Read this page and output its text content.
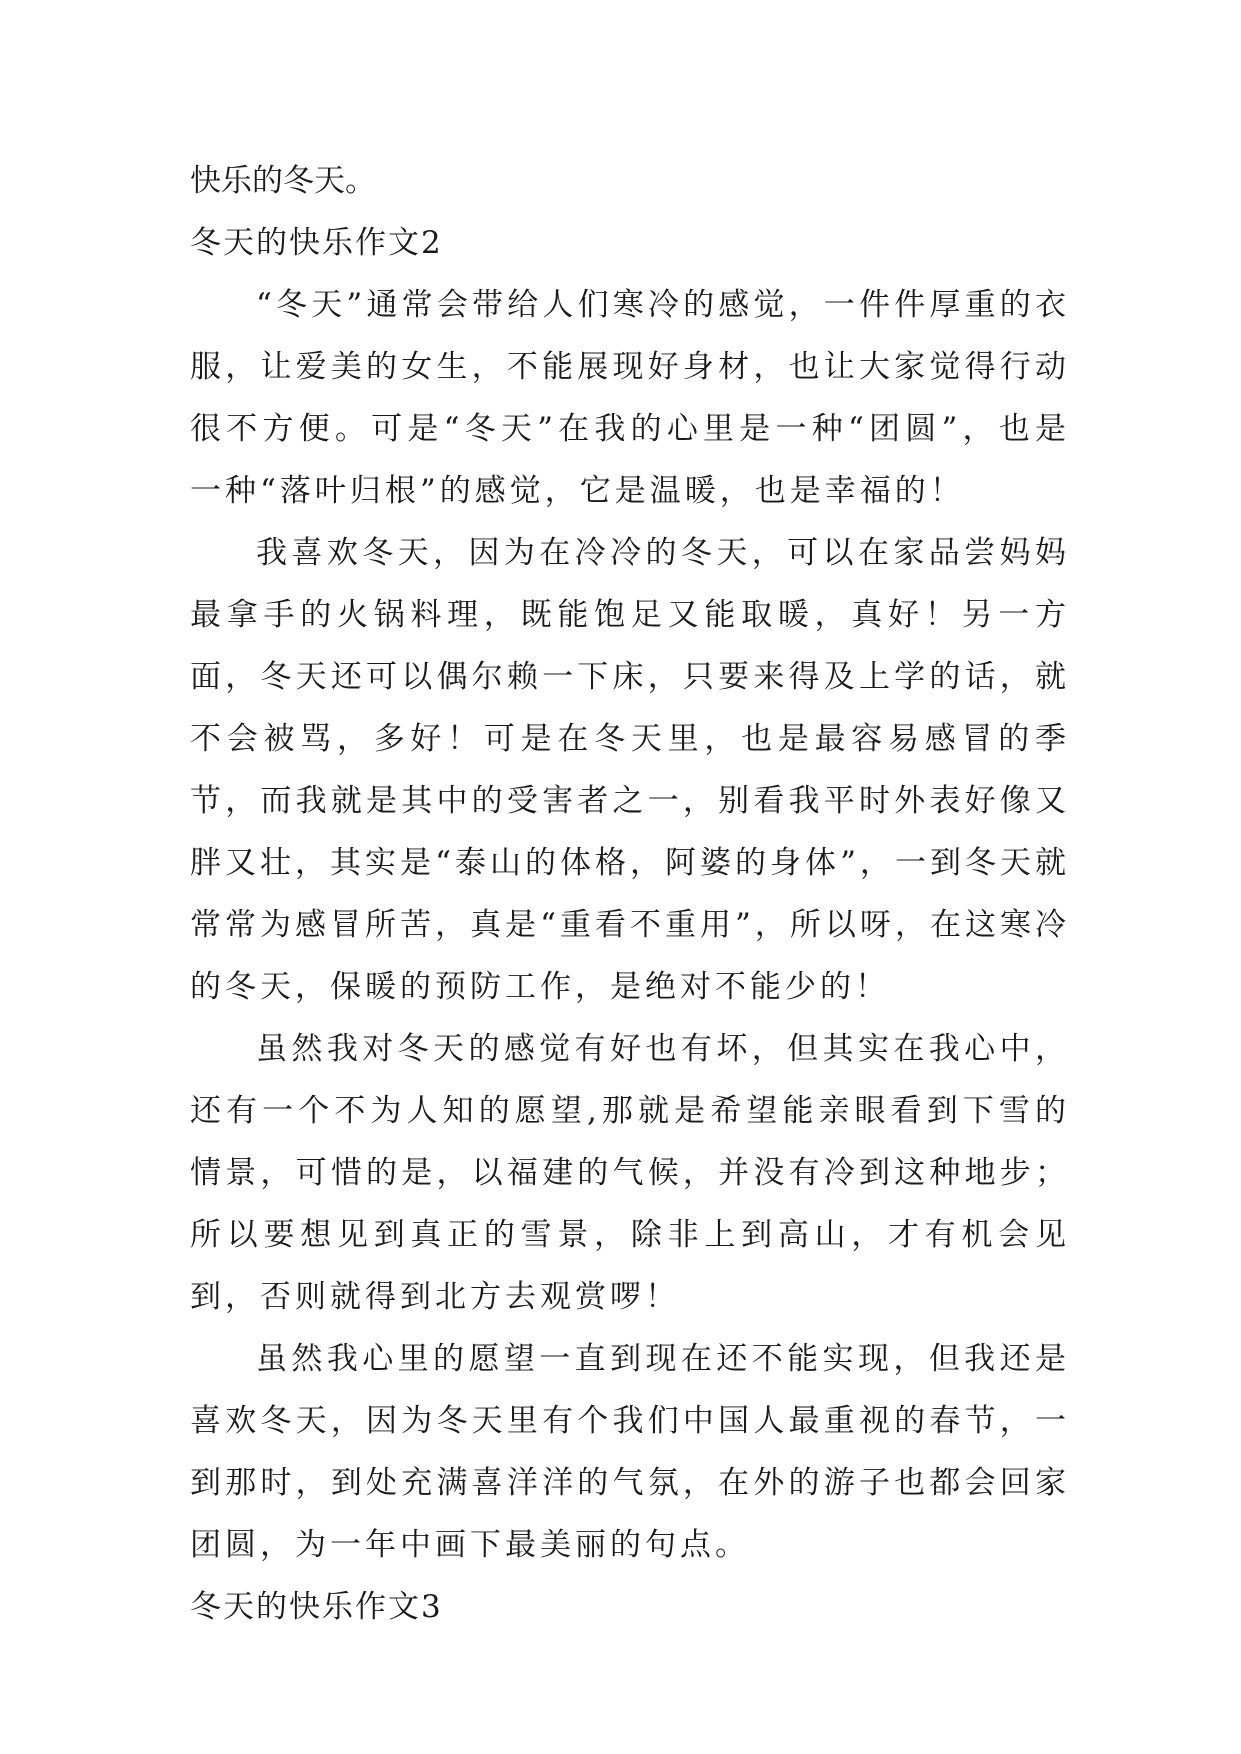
快乐的冬天。

冬天的快乐作文2

“冬天”通常会带给人们寒冷的感觉，一件件厚重的衣服，让爱美的女生，不能展现好身材，也让大家觉得行动很不方便。可是“冬天”在我的心里是一种“团圆”，也是一种“落叶归根”的感觉，它是温暖，也是幸福的！

我喜欢冬天，因为在冷冷的冬天，可以在家品尝妈妈最拿手的火锅料理，既能饱足又能取暖，真好！另一方面，冬天还可以偶尔赖一下床，只要来得及上学的话，就不会被骂，多好！可是在冬天里，也是最容易感冒的季节，而我就是其中的受害者之一，别看我平时外表好像又胖又壮，其实是“泰山的体格，阿婆的身体”，一到冬天就常常为感冒所苦，真是“重看不重用”，所以呀，在这寒冷的冬天，保暖的预防工作，是绝对不能少的！

虽然我对冬天的感觉有好也有坏，但其实在我心中，还有一个不为人知的愿望,那就是希望能亲眼看到下雪的情景，可惜的是，以福建的气候，并没有冷到这种地步；所以要想见到真正的雪景，除非上到高山，才有机会见到，否则就得到北方去观赏啰！

虽然我心里的愿望一直到现在还不能实现，但我还是喜欢冬天，因为冬天里有个我们中国人最重视的春节，一到那时，到处充满喜洋洋的气氛，在外的游子也都会回家团圆，为一年中画下最美丽的句点。

冬天的快乐作文3
